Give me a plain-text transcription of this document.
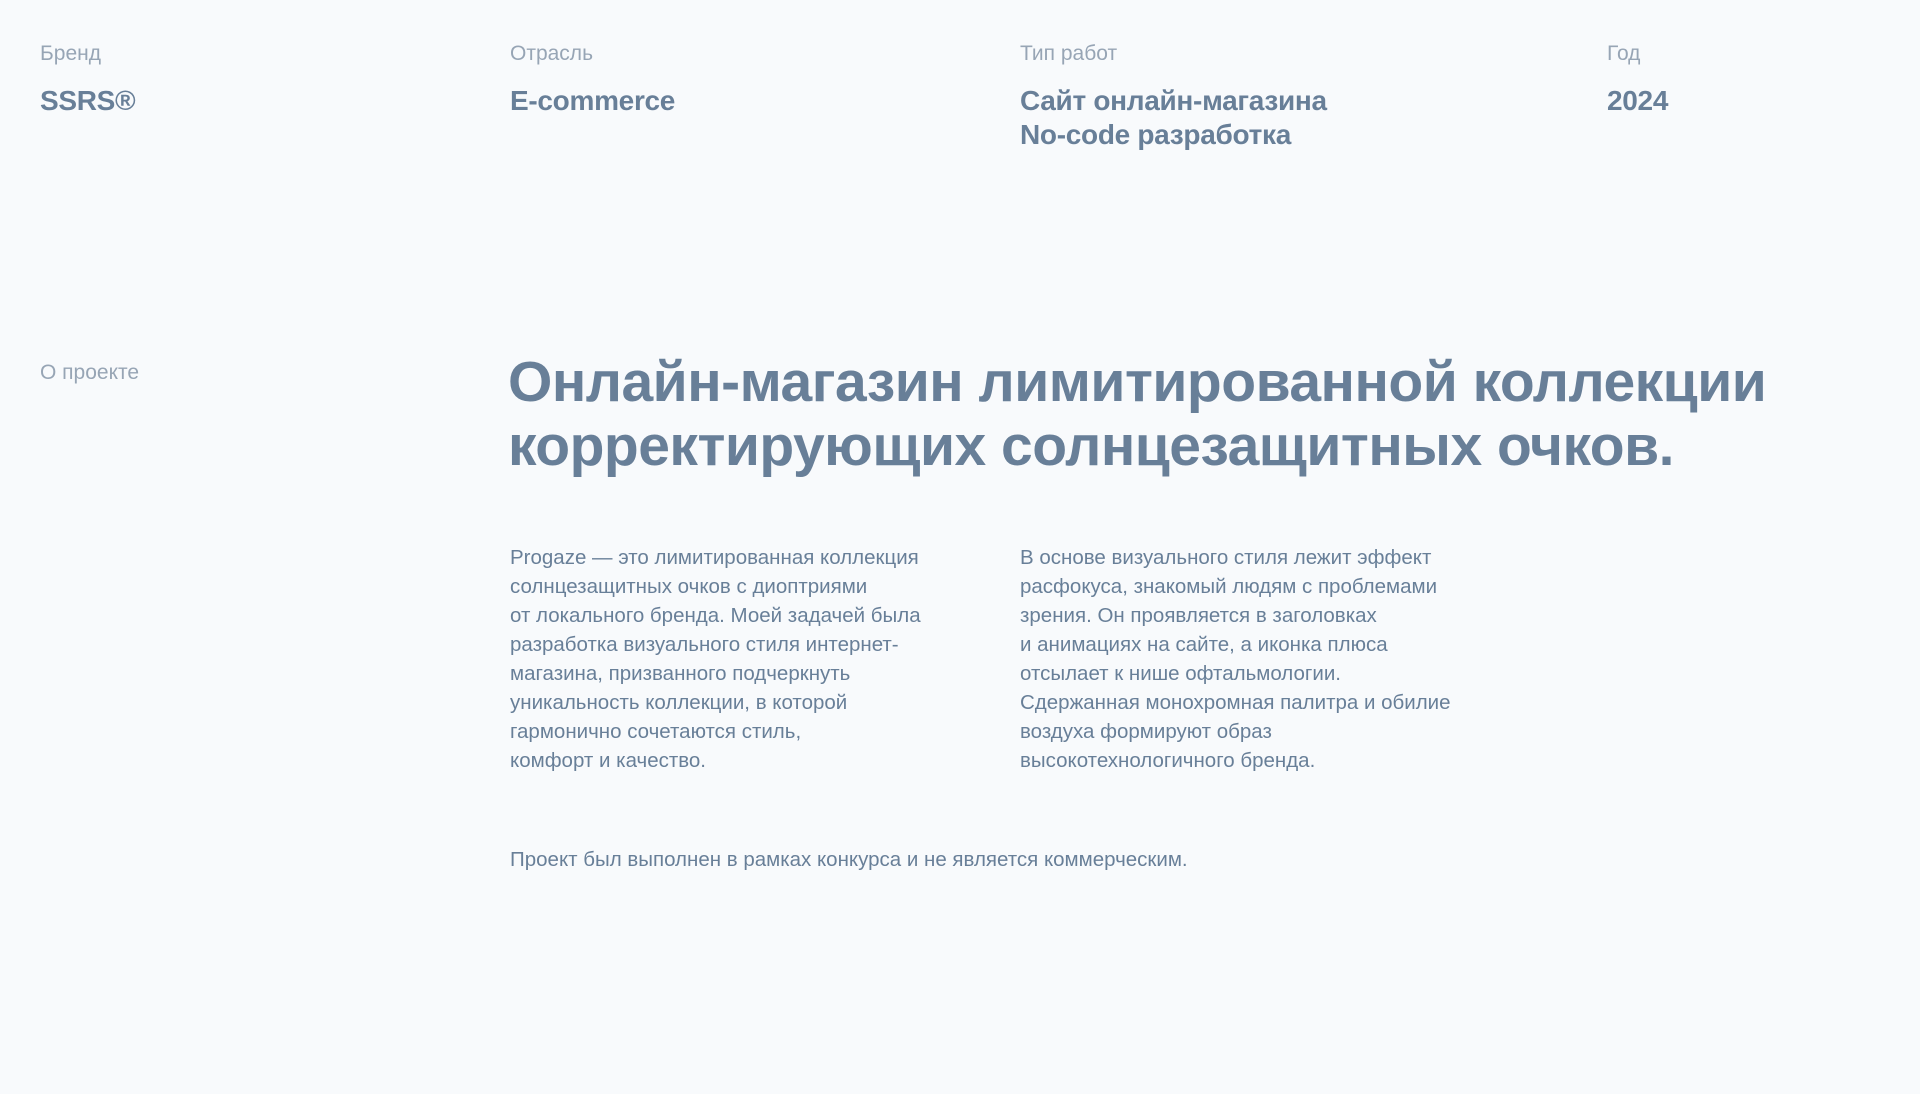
Бренд
SSRS®
Отрасль
E-commerce
Тип работ
Сайт онлайн-магазина
No-code разработка
Год
2024
О проекте	Онлайн-магазин лимитированной коллекции
корректирующих солнцезащитных очков.
Progaze — это лимитированная коллекция
солнцезащитных очков с диоптриями
от локального бренда. Моей задачей была
разработка визуального стиля интернет-
магазина, призванного подчеркнуть
уникальность коллекции, в которой
гармонично сочетаются стиль,
комфорт и качество.
В основе визуального стиля лежит эффект
расфокуса, знакомый людям с проблемами
зрения. Он проявляется в заголовках
и анимациях на сайте, а иконка плюса
отсылает к нише офтальмологии.
Сдержанная монохромная палитра и обилие
воздуха формируют образ
высокотехнологичного бренда.
Проект был выполнен в рамках конкурса и не является коммерческим.
